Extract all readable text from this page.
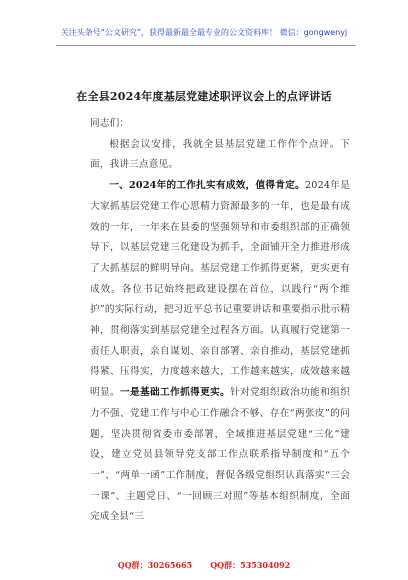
关注头条号“公文研究”，获得最新最全最专业的公文资料库！ 微信：gongwenyj
在全县2024年度基层党建述职评议会上的点评讲话

同志们：

根据会议安排，我就全县基层党建工作作个点评。下面，我讲三点意见。

一、2024年的工作扎实有成效，值得肯定。2024年是大家抓基层党建工作心思精力资源最多的一年，也是最有成效的一年，一年来在县委的坚强领导和市委组织部的正确领导下，以基层党建三化建设为抓手，全面铺开全力推进形成了大抓基层的鲜明导向。基层党建工作抓得更紧，更实更有成效。各位书记始终把政建设摆在首位，以践行“两个维护”的实际行动，把习近平总书记重要讲话和重要指示批示精神，贯彻落实到基层党建全过程各方面。认真履行党建第一责任人职责，亲自谋划、亲自部署、亲自推动，基层党建抓得紧、压得实，力度越来越大，工作越来越实，成效越来越明显。一是基础工作抓得更实。针对党组织政治功能和组织力不强、党建工作与中心工作融合不够、存在“两张皮”的问题，坚决贯彻省委市委部署，全域推进基层党建“三化”建设，建立党员县领导党支部工作点联系指导制度和“五个一”、“两单一函”工作制度，督促各级党组织认真落实“三会一课”、主题党日、“一回顾三对照”等基本组织制度，全面完成全县“三

QQ群：30265665 QQ群：535304092
